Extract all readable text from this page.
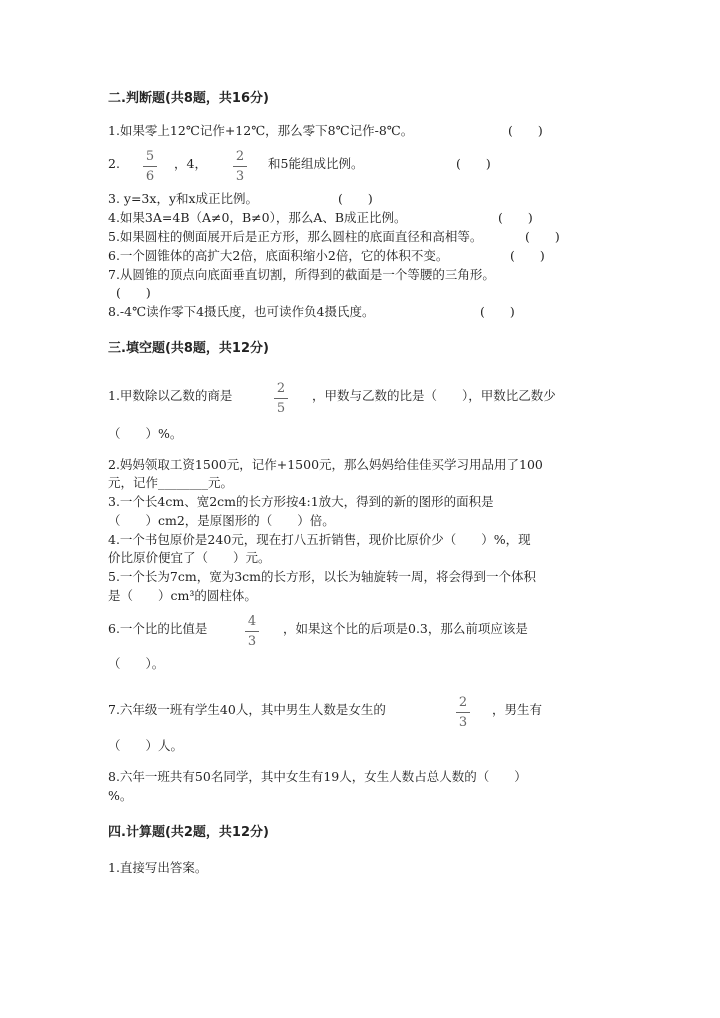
二.判断题(共8题，共16分)
1.如果零上12℃记作+12℃，那么零下8℃记作-8℃。	(　　)
2. 5
6
，4， 2
3
和5能组成比例。	(　　)
3. y=3x，y和x成正比例。	(　　)
4.如果3A=4B（A≠0，B≠0），那么A、B成正比例。	(　　)
5.如果圆柱的侧面展开后是正方形，那么圆柱的底面直径和高相等。	(　　)
6.一个圆锥体的高扩大2倍，底面积缩小2倍，它的体积不变。	(　　)
7.从圆锥的顶点向底面垂直切割，所得到的截面是一个等腰的三角形。
(　　)
8.-4℃读作零下4摄氏度，也可读作负4摄氏度。	(　　)
三.填空题(共8题，共12分)
1.甲数除以乙数的商是	2
5
，甲数与乙数的比是（　　），甲数比乙数少
（　　）%。
2.妈妈领取工资1500元，记作+1500元，那么妈妈给佳佳买学习用品用了100
元，记作________元。
3.一个长4cm、宽2cm的长方形按4:1放大，得到的新的图形的面积是
（　　）cm2，是原图形的（　　）倍。
4.一个书包原价是240元，现在打八五折销售，现价比原价少（　　）%，现
价比原价便宜了（　　）元。
5.一个长为7cm，宽为3cm的长方形，以长为轴旋转一周，将会得到一个体积
是（　　）cm³的圆柱体。
6.一个比的比值是	4
3
，如果这个比的后项是0.3，那么前项应该是
（　　）。
7.六年级一班有学生40人，其中男生人数是女生的	2
3
，男生有
（　　）人。
8.六年一班共有50名同学，其中女生有19人，女生人数占总人数的（　　）
%。
四.计算题(共2题，共12分)
1.直接写出答案。
